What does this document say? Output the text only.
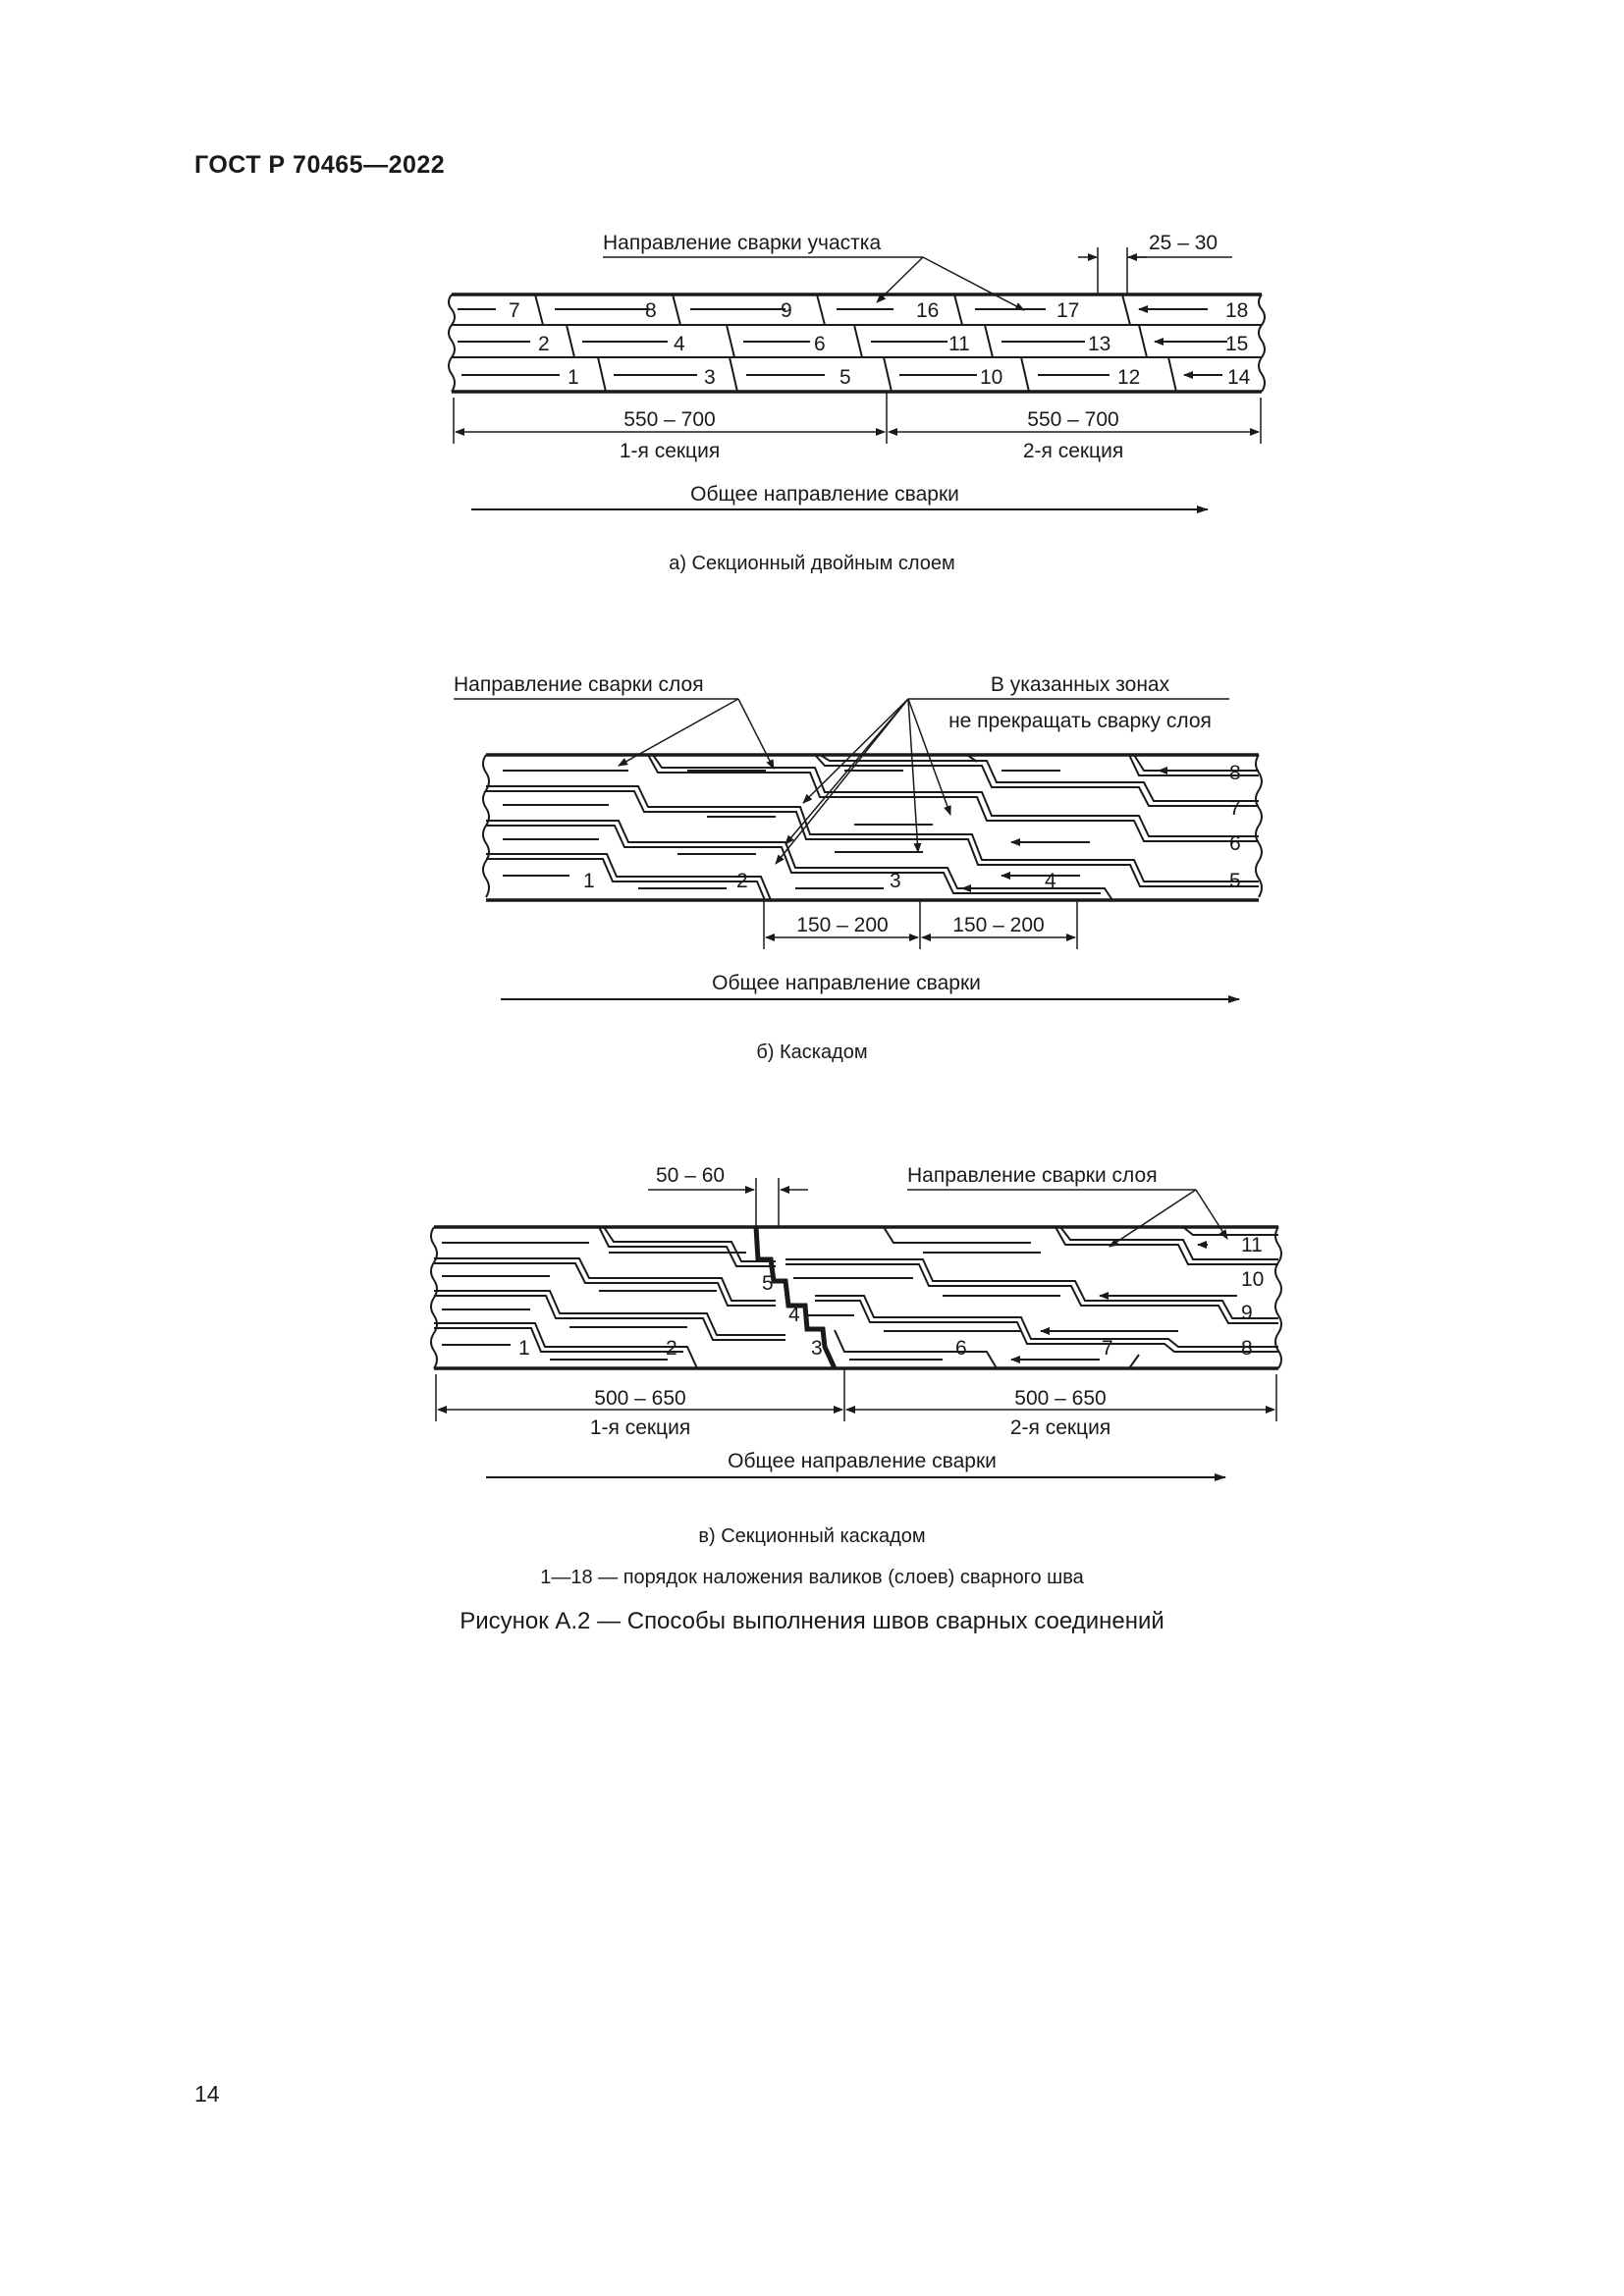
ГОСТ Р 70465—2022
Направление сварки участка	25 – 30
7	8	9	16	17	18
2	4	6	11	13	15
1	3	5	10	12	14
550 – 700	550 – 700
1-я секция	2-я секция
Общее направление сварки
а) Секционный двойным слоем
Направление сварки слоя	В указанных зонах
не прекращать сварку слоя
8
7
6
5
1	2	3	4
150 – 200	150 – 200
Общее направление сварки
б) Каскадом
50 – 60	Направление сварки слоя
11
10
9
8
5
4
3
1	2	6	7
500 – 650	500 – 650
1-я секция	2-я секция
Общее направление сварки
в) Секционный каскадом
1—18 — порядок наложения валиков (слоев) сварного шва
Рисунок А.2 — Способы выполнения швов сварных соединений
14
